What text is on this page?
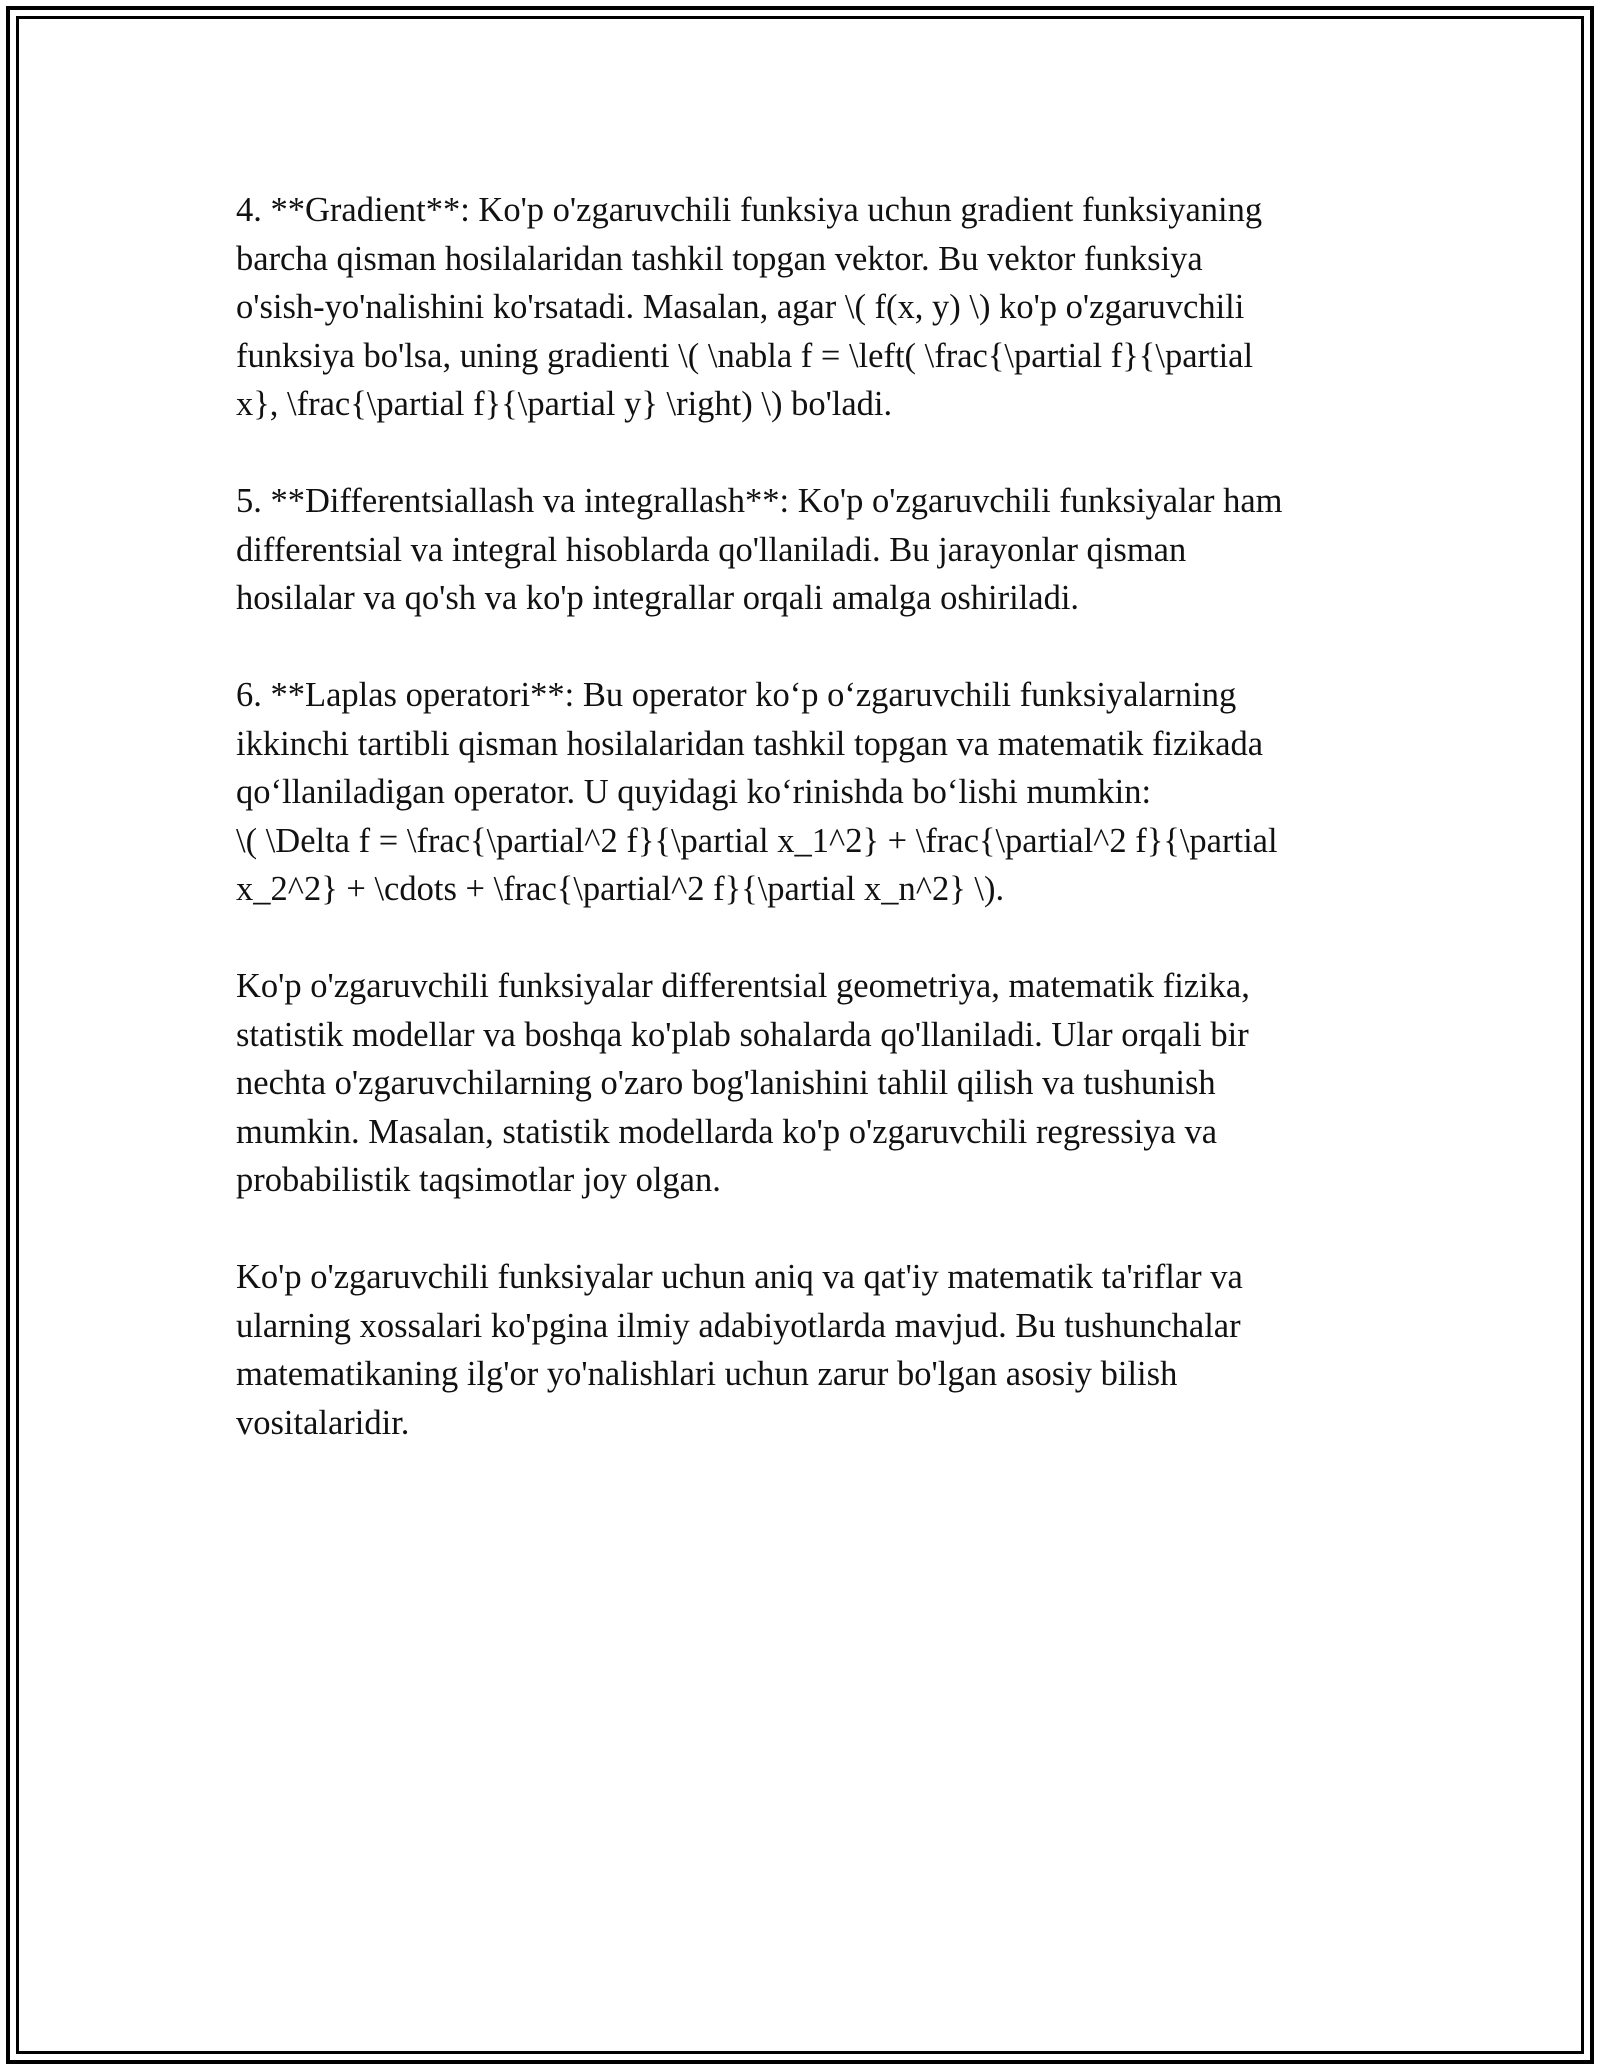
4. **Gradient**: Ko'p o'zgaruvchili funksiya uchun gradient funksiyaning
barcha qisman hosilalaridan tashkil topgan vektor. Bu vektor funksiya
o'sish-yo'nalishini ko'rsatadi. Masalan, agar \( f(x, y) \) ko'p o'zgaruvchili
funksiya bo'lsa, uning gradienti \( \nabla f = \left( \frac{\partial f}{\partial
x}, \frac{\partial f}{\partial y} \right) \) bo'ladi.

5. **Differentsiallash va integrallash**: Ko'p o'zgaruvchili funksiyalar ham
differentsial va integral hisoblarda qo'llaniladi. Bu jarayonlar qisman
hosilalar va qo'sh va ko'p integrallar orqali amalga oshiriladi.

6. **Laplas operatori**: Bu operator ko‘p o‘zgaruvchili funksiyalarning
ikkinchi tartibli qisman hosilalaridan tashkil topgan va matematik fizikada
qo‘llaniladigan operator. U quyidagi ko‘rinishda bo‘lishi mumkin:
\( \Delta f = \frac{\partial^2 f}{\partial x_1^2} + \frac{\partial^2 f}{\partial
x_2^2} + \cdots + \frac{\partial^2 f}{\partial x_n^2} \).

Ko'p o'zgaruvchili funksiyalar differentsial geometriya, matematik fizika,
statistik modellar va boshqa ko'plab sohalarda qo'llaniladi. Ular orqali bir
nechta o'zgaruvchilarning o'zaro bog'lanishini tahlil qilish va tushunish
mumkin. Masalan, statistik modellarda ko'p o'zgaruvchili regressiya va
probabilistik taqsimotlar joy olgan.

Ko'p o'zgaruvchili funksiyalar uchun aniq va qat'iy matematik ta'riflar va
ularning xossalari ko'pgina ilmiy adabiyotlarda mavjud. Bu tushunchalar
matematikaning ilg'or yo'nalishlari uchun zarur bo'lgan asosiy bilish
vositalaridir.
